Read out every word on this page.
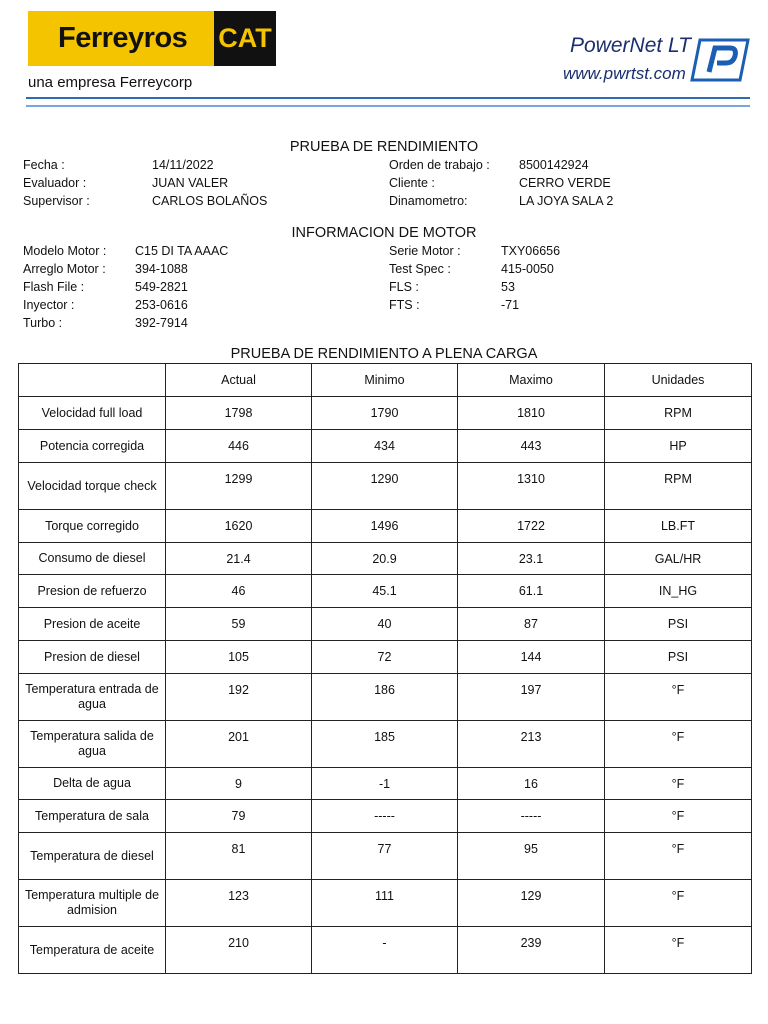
Ferreyros CAT
una empresa Ferreycorp
PowerNet LT
www.pwrtst.com
PRUEBA DE RENDIMIENTO
Fecha :	14/11/2022
Evaluador :	JUAN VALER
Supervisor :	CARLOS BOLAÑOS
Orden de trabajo : 8500142924
Cliente :	CERRO VERDE
Dinamometro:	LA JOYA SALA 2
INFORMACION DE MOTOR
Modelo Motor : C15 DI TA AAAC
Arreglo Motor : 394-1088
Flash File :	549-2821
Inyector :	253-0616
Turbo :	392-7914
Serie Motor :	TXY06656
Test Spec :	415-0050
FLS :	53
FTS :	-71
PRUEBA DE RENDIMIENTO A PLENA CARGA
	Actual	Minimo	Maximo	Unidades
Velocidad full load	1798	1790	1810	RPM
Potencia corregida	446	434	443	HP
Velocidad torque check	1299	1290	1310	RPM
Torque corregido	1620	1496	1722	LB.FT
Consumo de diesel	21.4	20.9	23.1	GAL/HR
Presion de refuerzo	46	45.1	61.1	IN_HG
Presion de aceite	59	40	87	PSI
Presion de diesel	105	72	144	PSI
Temperatura entrada de agua	192	186	197	°F
Temperatura salida de agua	201	185	213	°F
Delta de agua	9	-1	16	°F
Temperatura de sala	79	-----	-----	°F
Temperatura de diesel	81	77	95	°F
Temperatura multiple de admision	123	111	129	°F
Temperatura de aceite	210	-	239	°F
